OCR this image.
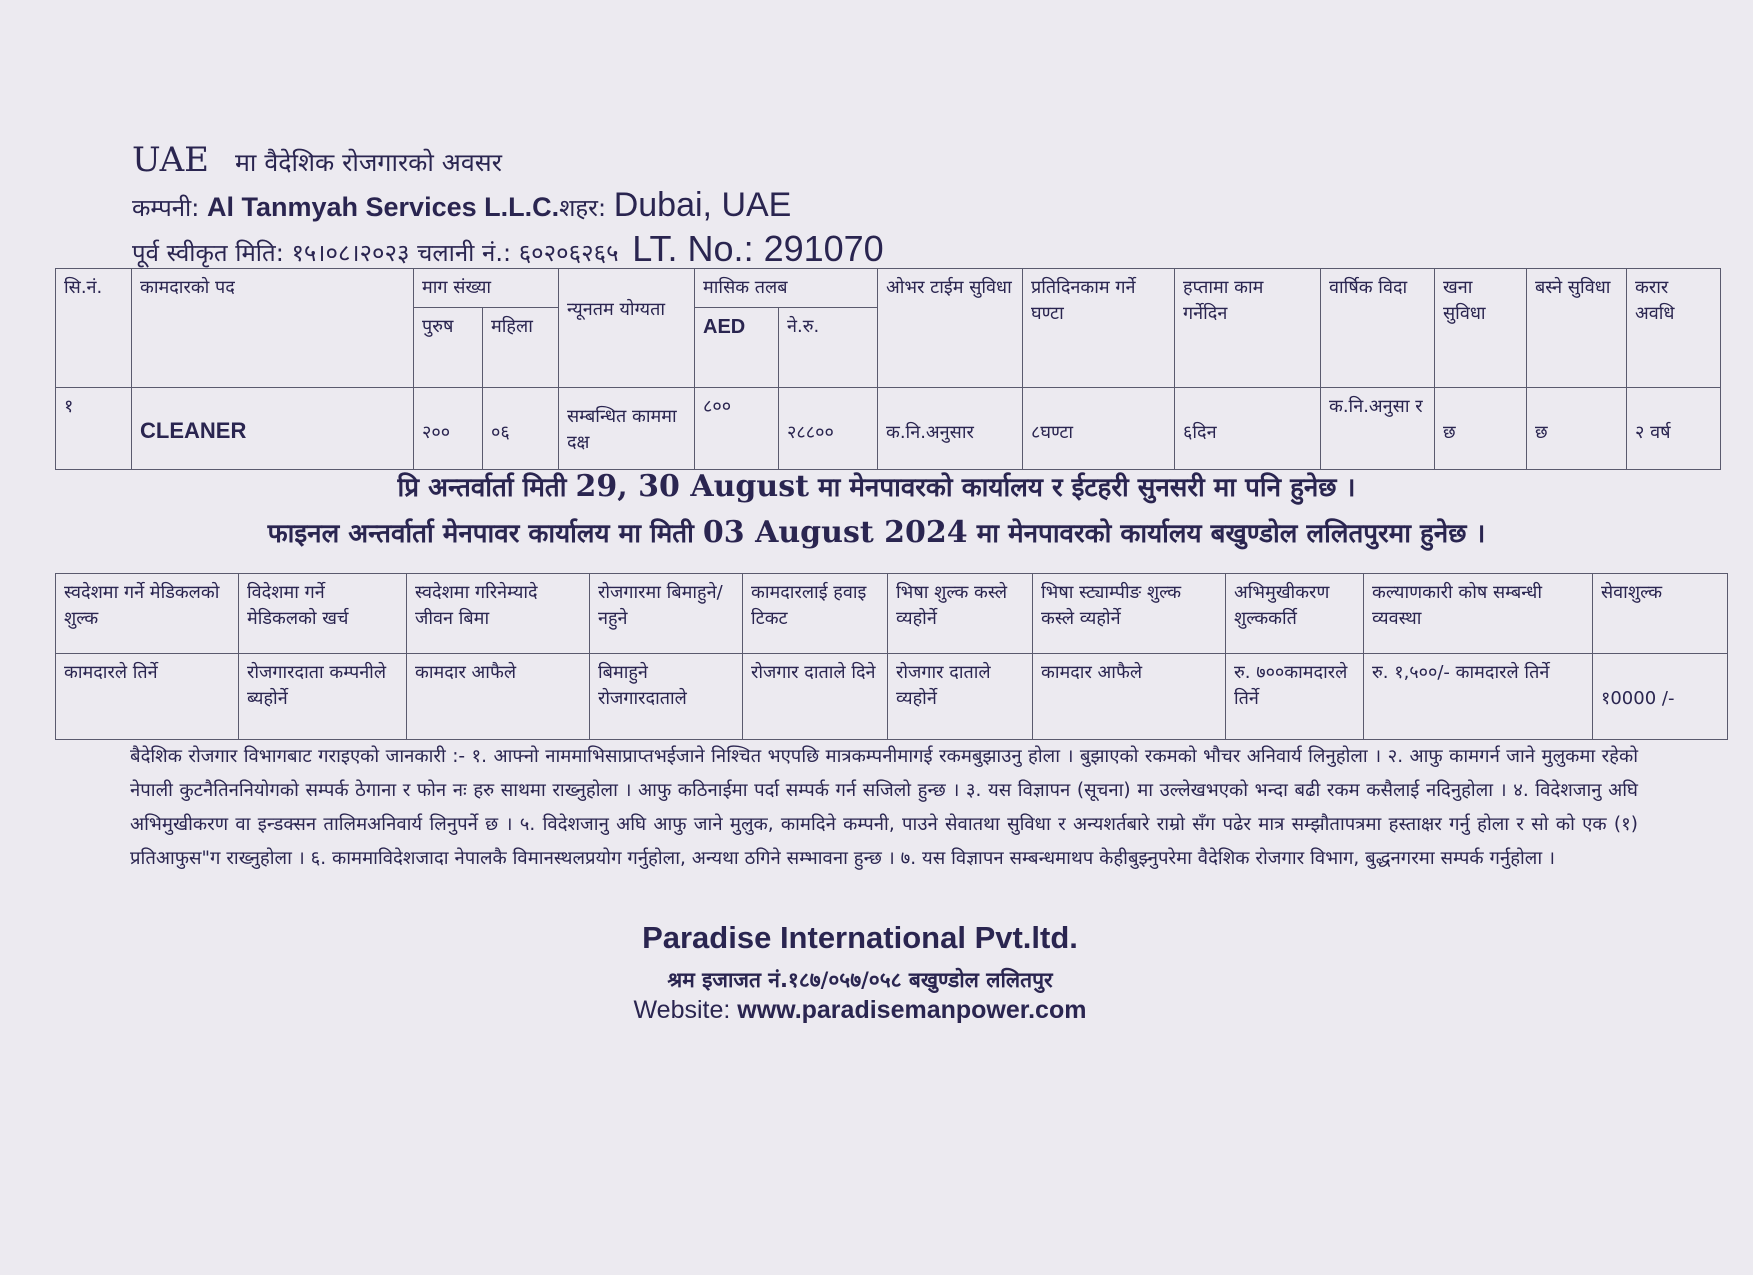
UAE मा वैदेशिक रोजगारको अवसर
कम्पनी: Al Tanmyah Services L.L.C.शहर: Dubai, UAE
पूर्व स्वीकृत मिति: १५।०८।२०२३ चलानी नं.: ६०२०६२६५ LT. No.: 291070
सि.नं.	कामदारको पद	माग संख्या		न्यूनतम योग्यता	मासिक तलब		ओभर टाईम सुविधा	प्रतिदिनकाम गर्ने घण्टा	हप्तामा काम गर्नेदिन	वार्षिक विदा	खना सुविधा	बस्ने सुविधा	करार अवधि
		पुरुष	महिला		AED	ने.रु.							
१	CLEANER	२००	०६	सम्बन्धित काममा दक्ष	८००	२८८००	क.नि.अनुसार	८घण्टा	६दिन	क.नि.अनुसा र	छ	छ	२ वर्ष
प्रि अन्तर्वार्ता मिती 29, 30 August मा मेनपावरको कार्यालय र ईटहरी सुनसरी मा पनि हुनेछ ।
फाइनल अन्तर्वार्ता मेनपावर कार्यालय मा मिती 03 August 2024 मा मेनपावरको कार्यालय बखुण्डोल ललितपुरमा हुनेछ ।
स्वदेशमा गर्ने मेडिकलको शुल्क	विदेशमा गर्ने मेडिकलको खर्च	स्वदेशमा गरिनेम्यादे जीवन बिमा	रोजगारमा बिमाहुने/नहुने	कामदारलाई हवाइ टिकट	भिषा शुल्क कस्ले व्यहोर्ने	भिषा स्ट्याम्पीङ शुल्क कस्ले व्यहोर्ने	अभिमुखीकरण शुल्ककर्ति	कल्याणकारी कोष सम्बन्धी व्यवस्था	सेवाशुल्क
कामदारले तिर्ने	रोजगारदाता कम्पनीले ब्यहोर्ने	कामदार आफैले	बिमाहुने रोजगारदाताले	रोजगार दाताले दिने	रोजगार दाताले व्यहोर्ने	कामदार आफैले	रु. ७००कामदारले तिर्ने	रु. १,५००/- कामदारले तिर्ने	१0000 /-
बैदेशिक रोजगार विभागबाट गराइएको जानकारी :- १. आफ्नो नाममाभिसाप्राप्तभईजाने निश्चित भएपछि मात्रकम्पनीमागई रकमबुझाउनु होला । बुझाएको रकमको भौचर अनिवार्य लिनुहोला । २. आफु कामगर्न जाने मुलुकमा रहेको नेपाली कुटनैतिननियोगको सम्पर्क ठेगाना र फोन नः हरु साथमा राख्नुहोला । आफु कठिनाईमा पर्दा सम्पर्क गर्न सजिलो हुन्छ । ३. यस विज्ञापन (सूचना) मा उल्लेखभएको भन्दा बढी रकम कसैलाई नदिनुहोला । ४. विदेशजानु अघि अभिमुखीकरण वा इन्डक्सन तालिमअनिवार्य लिनुपर्ने छ । ५. विदेशजानु अघि आफु जाने मुलुक, कामदिने कम्पनी, पाउने सेवातथा सुविधा र अन्यशर्तबारे राम्रो सँग पढेर मात्र सम्झौतापत्रमा हस्ताक्षर गर्नु होला र सो को एक (१) प्रतिआफुस"ग राख्नुहोला । ६. काममाविदेशजादा नेपालकै विमानस्थलप्रयोग गर्नुहोला, अन्यथा ठगिने सम्भावना हुन्छ । ७. यस विज्ञापन सम्बन्धमाथप केहीबुझ्नुपरेमा वैदेशिक रोजगार विभाग, बुद्धनगरमा सम्पर्क गर्नुहोला ।
Paradise International Pvt.ltd.
श्रम इजाजत नं.१८७/०५७/०५८ बखुण्डोल ललितपुर
Website: www.paradisemanpower.com
